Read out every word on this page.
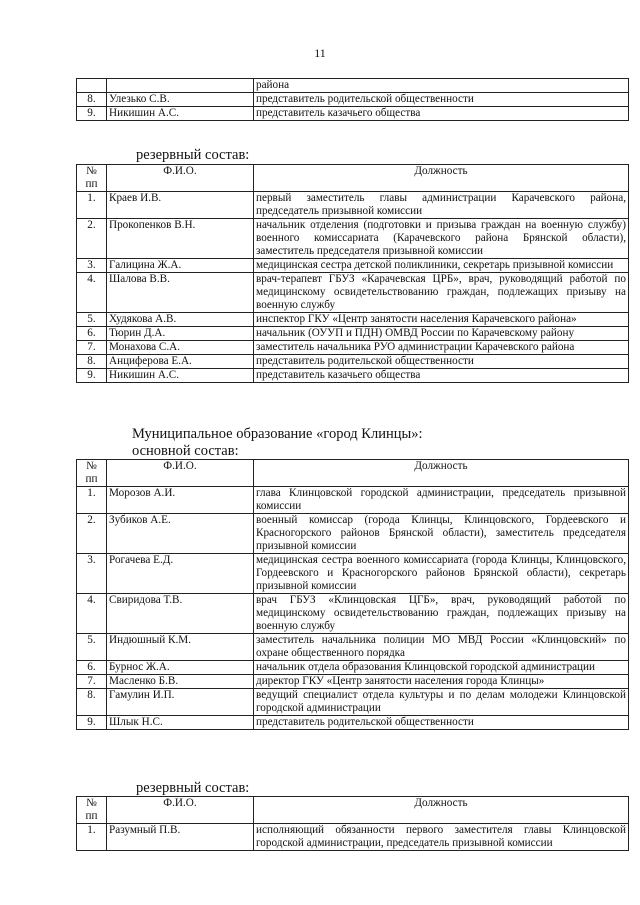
11
		района
8.	Улезько С.В.	представитель родительской общественности
9.	Никишин А.С.	представитель казачьего общества
резервный состав:
№ пп	Ф.И.О.	Должность
1.	Краев И.В.	первый заместитель главы администрации Карачевского района, председатель призывной комиссии
2.	Прокопенков В.Н.	начальник отделения (подготовки и призыва граждан на военную службу) военного комиссариата (Карачевского района Брянской области), заместитель председателя призывной комиссии
3.	Галицина Ж.А.	медицинская сестра детской поликлиники, секретарь призывной комиссии
4.	Шалова В.В.	врач-терапевт ГБУЗ «Карачевская ЦРБ», врач, руководящий работой по медицинскому освидетельствованию граждан, подлежащих призыву на военную службу
5.	Худякова А.В.	инспектор ГКУ «Центр занятости населения Карачевского района»
6.	Тюрин Д.А.	начальник (ОУУП и ПДН) ОМВД России по Карачевскому району
7.	Монахова С.А.	заместитель начальника РУО администрации Карачевского района
8.	Анциферова Е.А.	представитель родительской общественности
9.	Никишин А.С.	представитель казачьего общества
Муниципальное образование «город Клинцы»:
основной состав:
№ пп	Ф.И.О.	Должность
1.	Морозов А.И.	глава Клинцовской городской администрации, председатель призывной комиссии
2.	Зубиков А.Е.	военный комиссар (города Клинцы, Клинцовского, Гордеевского и Красногорского районов Брянской области), заместитель председателя призывной комиссии
3.	Рогачева Е.Д.	медицинская сестра военного комиссариата (города Клинцы, Клинцовского, Гордеевского и Красногорского районов Брянской области), секретарь призывной комиссии
4.	Свиридова Т.В.	врач ГБУЗ «Клинцовская ЦГБ», врач, руководящий работой по медицинскому освидетельствованию граждан, подлежащих призыву на военную службу
5.	Индюшный К.М.	заместитель начальника полиции МО МВД России «Клинцовский» по охране общественного порядка
6.	Бурнос Ж.А.	начальник отдела образования Клинцовской городской администрации
7.	Масленко Б.В.	директор ГКУ «Центр занятости населения города Клинцы»
8.	Гамулин И.П.	ведущий специалист отдела культуры и по делам молодежи Клинцовской городской администрации
9.	Шлык Н.С.	представитель родительской общественности
резервный состав:
№ пп	Ф.И.О.	Должность
1.	Разумный П.В.	исполняющий обязанности первого заместителя главы Клинцовской городской администрации, председатель призывной комиссии
